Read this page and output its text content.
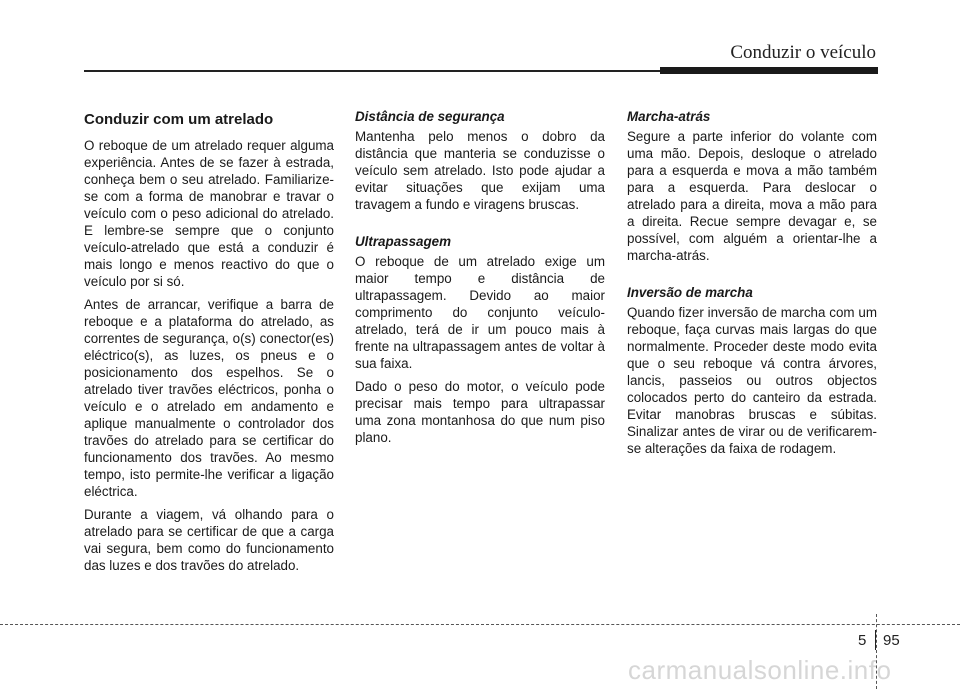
Conduzir o veículo
Conduzir com um atrelado

O reboque de um atrelado requer alguma experiência. Antes de se fazer à estrada, conheça bem o seu atrelado. Familiarize-se com a forma de manobrar e travar o veículo com o peso adicional do atrelado. E lembre-se sempre que o conjunto veículo-atrelado que está a conduzir é mais longo e menos reactivo do que o veículo por si só.

Antes de arrancar, verifique a barra de reboque e a plataforma do atrelado, as correntes de segurança, o(s) conector(es) eléctrico(s), as luzes, os pneus e o posicionamento dos espelhos. Se o atrelado tiver travões eléctricos, ponha o veículo e o atrelado em andamento e aplique manualmente o controlador dos travões do atrelado para se certificar do funcionamento dos travões. Ao mesmo tempo, isto permite-lhe verificar a ligação eléctrica.

Durante a viagem, vá olhando para o atrelado para se certificar de que a carga vai segura, bem como do funcionamento das luzes e dos travões do atrelado.

Distância de segurança

Mantenha pelo menos o dobro da distância que manteria se conduzisse o veículo sem atrelado. Isto pode ajudar a evitar situações que exijam uma travagem a fundo e viragens bruscas.

Ultrapassagem

O reboque de um atrelado exige um maior tempo e distância de ultrapassagem. Devido ao maior comprimento do conjunto veículo-atrelado, terá de ir um pouco mais à frente na ultrapassagem antes de voltar à sua faixa.

Dado o peso do motor, o veículo pode precisar mais tempo para ultrapassar uma zona montanhosa do que num piso plano.

Marcha-atrás

Segure a parte inferior do volante com uma mão. Depois, desloque o atrelado para a esquerda e mova a mão também para a esquerda. Para deslocar o atrelado para a direita, mova a mão para a direita. Recue sempre devagar e, se possível, com alguém a orientar-lhe a marcha-atrás.

Inversão de marcha

Quando fizer inversão de marcha com um reboque, faça curvas mais largas do que normalmente. Proceder deste modo evita que o seu reboque vá contra árvores, lancis, passeios ou outros objectos colocados perto do canteiro da estrada. Evitar manobras bruscas e súbitas. Sinalizar antes de virar ou de verificarem-se alterações da faixa de rodagem.

5 95
carmanualsonline.info
